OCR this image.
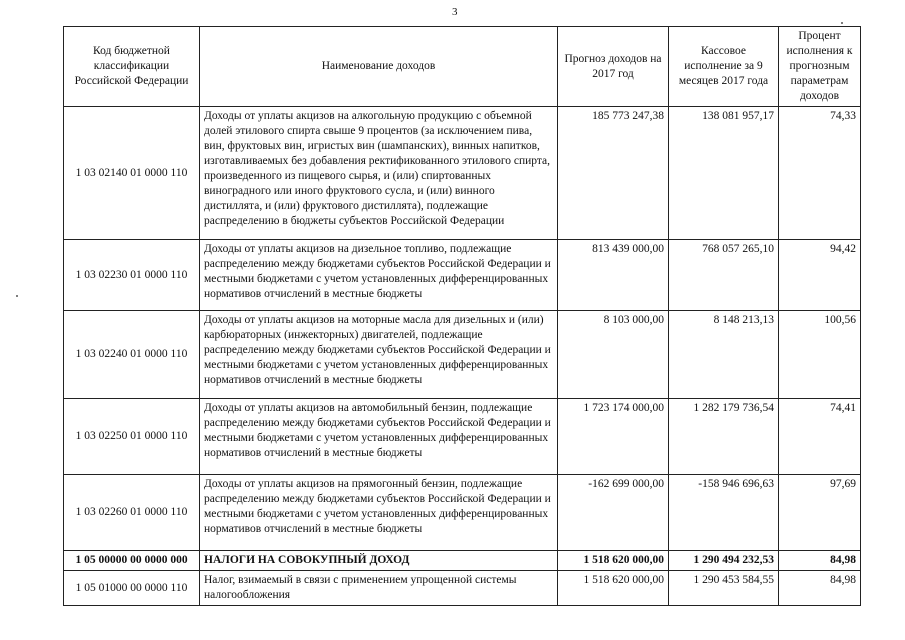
3
Код бюджетной классификации Российской Федерации	Наименование доходов	Прогноз доходов на 2017 год	Кассовое исполнение за 9 месяцев 2017 года	Процент исполнения к прогнозным параметрам доходов
1 03 02140 01 0000 110	Доходы от уплаты акцизов на алкогольную продукцию с объемной долей этилового спирта свыше 9 процентов (за исключением пива, вин, фруктовых вин, игристых вин (шампанских), винных напитков, изготавливаемых без добавления ректификованного этилового спирта, произведенного из пищевого сырья, и (или) спиртованных виноградного или иного фруктового сусла, и (или) винного дистиллята, и (или) фруктового дистиллята), подлежащие распределению в бюджеты субъектов Российской Федерации	185 773 247,38	138 081 957,17	74,33
1 03 02230 01 0000 110	Доходы от уплаты акцизов на дизельное топливо, подлежащие распределению между бюджетами субъектов Российской Федерации и местными бюджетами с учетом установленных дифференцированных нормативов отчислений в местные бюджеты	813 439 000,00	768 057 265,10	94,42
1 03 02240 01 0000 110	Доходы от уплаты акцизов на моторные масла для дизельных и (или) карбюраторных (инжекторных) двигателей, подлежащие распределению между бюджетами субъектов Российской Федерации и местными бюджетами с учетом установленных дифференцированных нормативов отчислений в местные бюджеты	8 103 000,00	8 148 213,13	100,56
1 03 02250 01 0000 110	Доходы от уплаты акцизов на автомобильный бензин, подлежащие распределению между бюджетами субъектов Российской Федерации и местными бюджетами с учетом установленных дифференцированных нормативов отчислений в местные бюджеты	1 723 174 000,00	1 282 179 736,54	74,41
1 03 02260 01 0000 110	Доходы от уплаты акцизов на прямогонный бензин, подлежащие распределению между бюджетами субъектов Российской Федерации и местными бюджетами с учетом установленных дифференцированных нормативов отчислений в местные бюджеты	-162 699 000,00	-158 946 696,63	97,69
1 05 00000 00 0000 000	НАЛОГИ НА СОВОКУПНЫЙ ДОХОД	1 518 620 000,00	1 290 494 232,53	84,98
1 05 01000 00 0000 110	Налог, взимаемый в связи с применением упрощенной системы налогообложения	1 518 620 000,00	1 290 453 584,55	84,98
